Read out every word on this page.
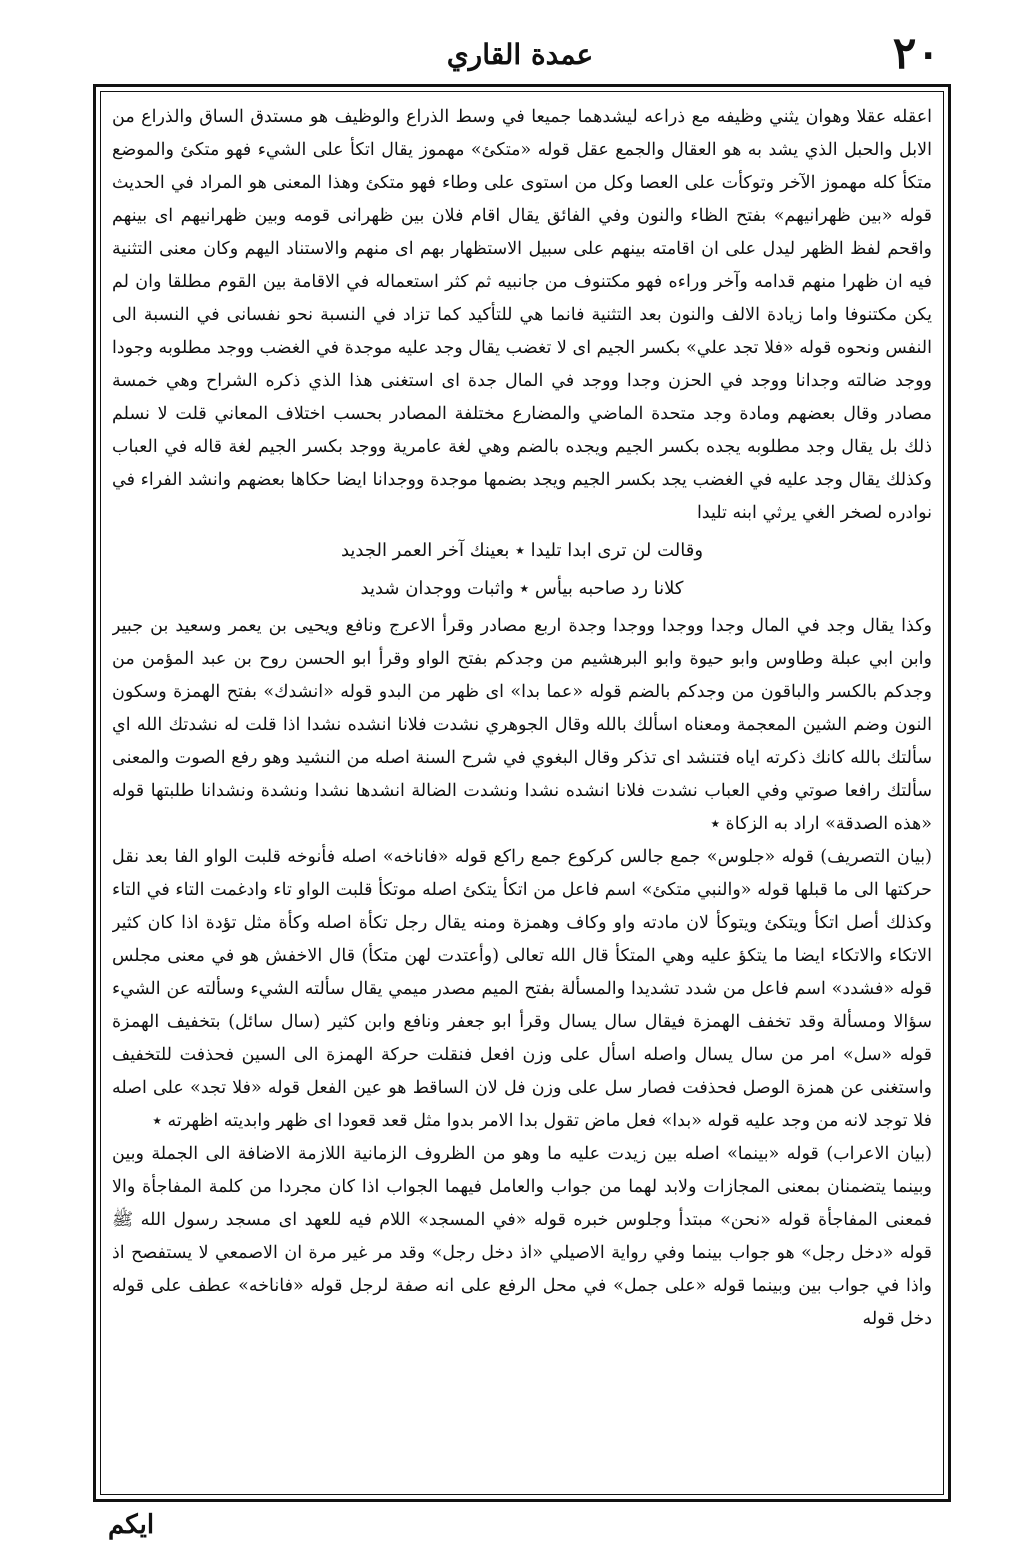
عمدة القاري	٢٠

اعقله عقلا وهوان يثني وظيفه مع ذراعه ليشدهما جميعا في وسط الذراع والوظيف هو مستدق الساق والذراع من الابل والحبل الذي يشد به هو العقال والجمع عقل قوله «متكئ» مهموز يقال اتكأ على الشيء فهو متكئ والموضع متكأ كله مهموز الآخر وتوكأت على العصا وكل من استوى على وطاء فهو متكئ وهذا المعنى هو المراد في الحديث قوله «بين ظهرانيهم» بفتح الظاء والنون وفي الفائق يقال اقام فلان بين ظهرانى قومه وبين ظهرانيهم اى بينهم واقحم لفظ الظهر ليدل على ان اقامته بينهم على سبيل الاستظهار بهم اى منهم والاستناد اليهم وكان معنى التثنية فيه ان ظهرا منهم قدامه وآخر وراءه فهو مكتنوف من جانبيه ثم كثر استعماله في الاقامة بين القوم مطلقا وان لم يكن مكتنوفا واما زيادة الالف والنون بعد التثنية فانما هي للتأكيد كما تزاد في النسبة نحو نفسانى في النسبة الى النفس ونحوه قوله «فلا تجد علي» بكسر الجيم اى لا تغضب يقال وجد عليه موجدة في الغضب ووجد مطلوبه وجودا ووجد ضالته وجدانا ووجد في الحزن وجدا ووجد في المال جدة اى استغنى هذا الذي ذكره الشراح وهي خمسة مصادر وقال بعضهم ومادة وجد متحدة الماضي والمضارع مختلفة المصادر بحسب اختلاف المعاني قلت لا نسلم ذلك بل يقال وجد مطلوبه يجده بكسر الجيم ويجده بالضم وهي لغة عامرية ووجد بكسر الجيم لغة قاله في العباب وكذلك يقال وجد عليه في الغضب يجد بكسر الجيم ويجد بضمها موجدة ووجدانا ايضا حكاها بعضهم وانشد الفراء في نوادره لصخر الغي يرثي ابنه تليدا

وقالت لن ترى ابدا تليدا ٭ بعينك آخر العمر الجديد

كلانا رد صاحبه بيأس ٭ واثبات ووجدان شديد

وكذا يقال وجد في المال وجدا ووجدا ووجدا وجدة اربع مصادر وقرأ الاعرج ونافع ويحيى بن يعمر وسعيد بن جبير وابن ابي عبلة وطاوس وابو حيوة وابو البرهشيم من وجدكم بفتح الواو وقرأ ابو الحسن روح بن عبد المؤمن من وجدكم بالكسر والباقون من وجدكم بالضم قوله «عما بدا» اى ظهر من البدو قوله «انشدك» بفتح الهمزة وسكون النون وضم الشين المعجمة ومعناه اسألك بالله وقال الجوهري نشدت فلانا انشده نشدا اذا قلت له نشدتك الله اي سألتك بالله كانك ذكرته اياه فتنشد اى تذكر وقال البغوي في شرح السنة اصله من النشيد وهو رفع الصوت والمعنى سألتك رافعا صوتي وفي العباب نشدت فلانا انشده نشدا ونشدت الضالة انشدها نشدا ونشدة ونشدانا طلبتها قوله «هذه الصدقة» اراد به الزكاة ٭

(بيان التصريف) قوله «جلوس» جمع جالس كركوع جمع راكع قوله «فاناخه» اصله فأنوخه قلبت الواو الفا بعد نقل حركتها الى ما قبلها قوله «والنبي متكئ» اسم فاعل من اتكأ يتكئ اصله موتكأ قلبت الواو تاء وادغمت التاء في التاء وكذلك أصل اتكأ ويتكئ ويتوكأ لان مادته واو وكاف وهمزة ومنه يقال رجل تكأة اصله وكأة مثل تؤدة اذا كان كثير الاتكاء والاتكاء ايضا ما يتكؤ عليه وهي المتكأ قال الله تعالى (وأعتدت لهن متكأ) قال الاخفش هو في معنى مجلس قوله «فشدد» اسم فاعل من شدد تشديدا والمسألة بفتح الميم مصدر ميمي يقال سألته الشيء وسألته عن الشيء سؤالا ومسألة وقد تخفف الهمزة فيقال سال يسال وقرأ ابو جعفر ونافع وابن كثير (سال سائل) بتخفيف الهمزة قوله «سل» امر من سال يسال واصله اسأل على وزن افعل فنقلت حركة الهمزة الى السين فحذفت للتخفيف واستغنى عن همزة الوصل فحذفت فصار سل على وزن فل لان الساقط هو عين الفعل قوله «فلا تجد» على اصله فلا توجد لانه من وجد عليه قوله «بدا» فعل ماض تقول بدا الامر بدوا مثل قعد قعودا اى ظهر وابديته اظهرته ٭

(بيان الاعراب) قوله «بينما» اصله بين زيدت عليه ما وهو من الظروف الزمانية اللازمة الاضافة الى الجملة وبين وبينما يتضمنان بمعنى المجازات ولابد لهما من جواب والعامل فيهما الجواب اذا كان مجردا من كلمة المفاجأة والا فمعنى المفاجأة قوله «نحن» مبتدأ وجلوس خبره قوله «في المسجد» اللام فيه للعهد اى مسجد رسول الله ﷺ قوله «دخل رجل» هو جواب بينما وفي رواية الاصيلي «اذ دخل رجل» وقد مر غير مرة ان الاصمعي لا يستفصح اذ واذا في جواب بين وبينما قوله «على جمل» في محل الرفع على انه صفة لرجل قوله «فاناخه» عطف على قوله دخل قوله

ايكم
